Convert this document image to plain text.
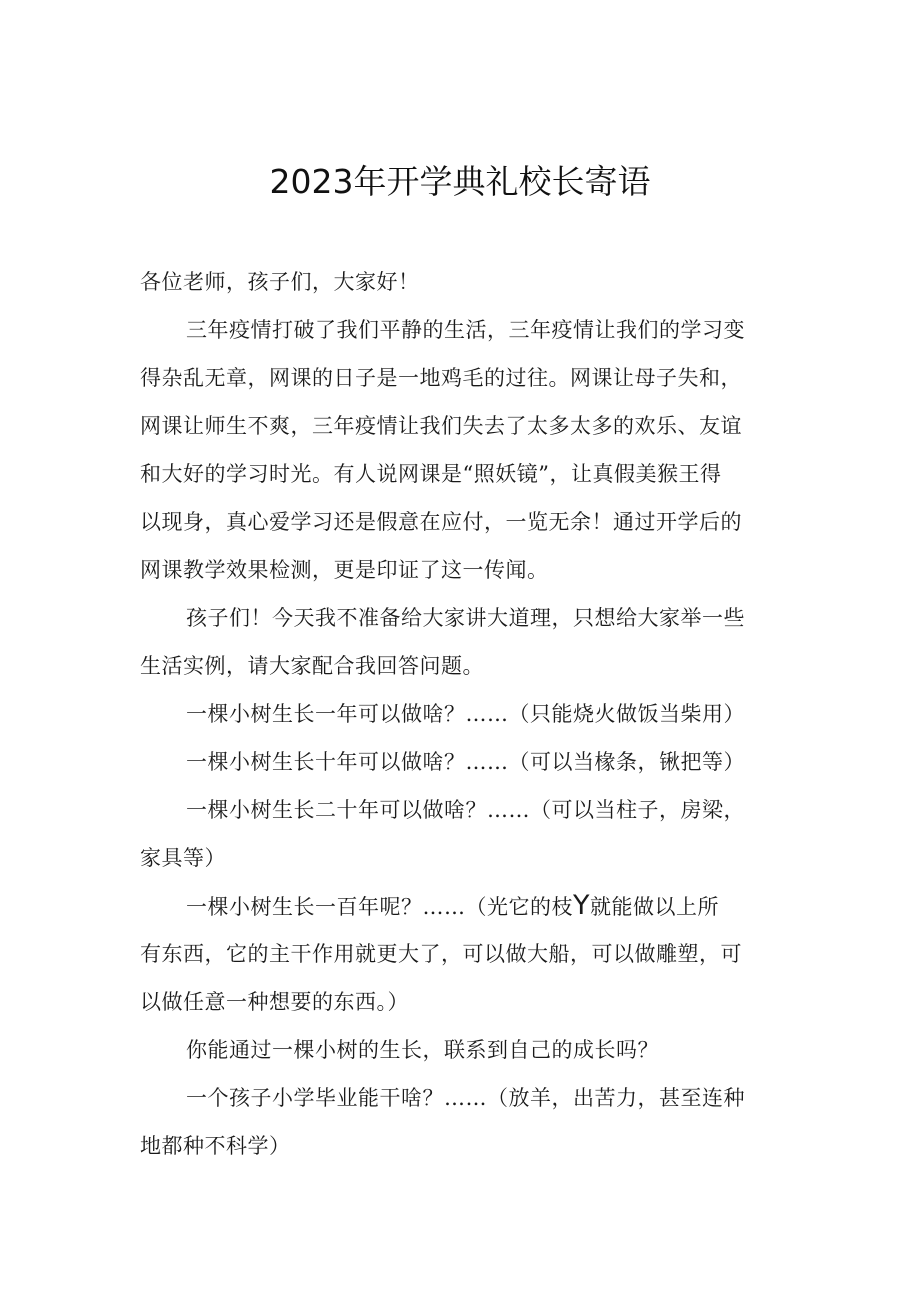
2023年开学典礼校长寄语
各位老师，孩子们，大家好！
三年疫情打破了我们平静的生活，三年疫情让我们的学习变
得杂乱无章，网课的日子是一地鸡毛的过往。网课让母子失和，
网课让师生不爽，三年疫情让我们失去了太多太多的欢乐、友谊
和大好的学习时光。有人说网课是“照妖镜”，让真假美猴王得
以现身，真心爱学习还是假意在应付，一览无余！通过开学后的
网课教学效果检测，更是印证了这一传闻。
孩子们！今天我不准备给大家讲大道理，只想给大家举一些
生活实例，请大家配合我回答问题。
一棵小树生长一年可以做啥？……（只能烧火做饭当柴用）
一棵小树生长十年可以做啥？……（可以当椽条，锹把等）
一棵小树生长二十年可以做啥？……（可以当柱子，房梁，
家具等）
一棵小树生长一百年呢？……（光它的枝Y就能做以上所
有东西，它的主干作用就更大了，可以做大船，可以做雕塑，可
以做任意一种想要的东西。）
你能通过一棵小树的生长，联系到自己的成长吗？
一个孩子小学毕业能干啥？……（放羊，出苦力，甚至连种
地都种不科学）
